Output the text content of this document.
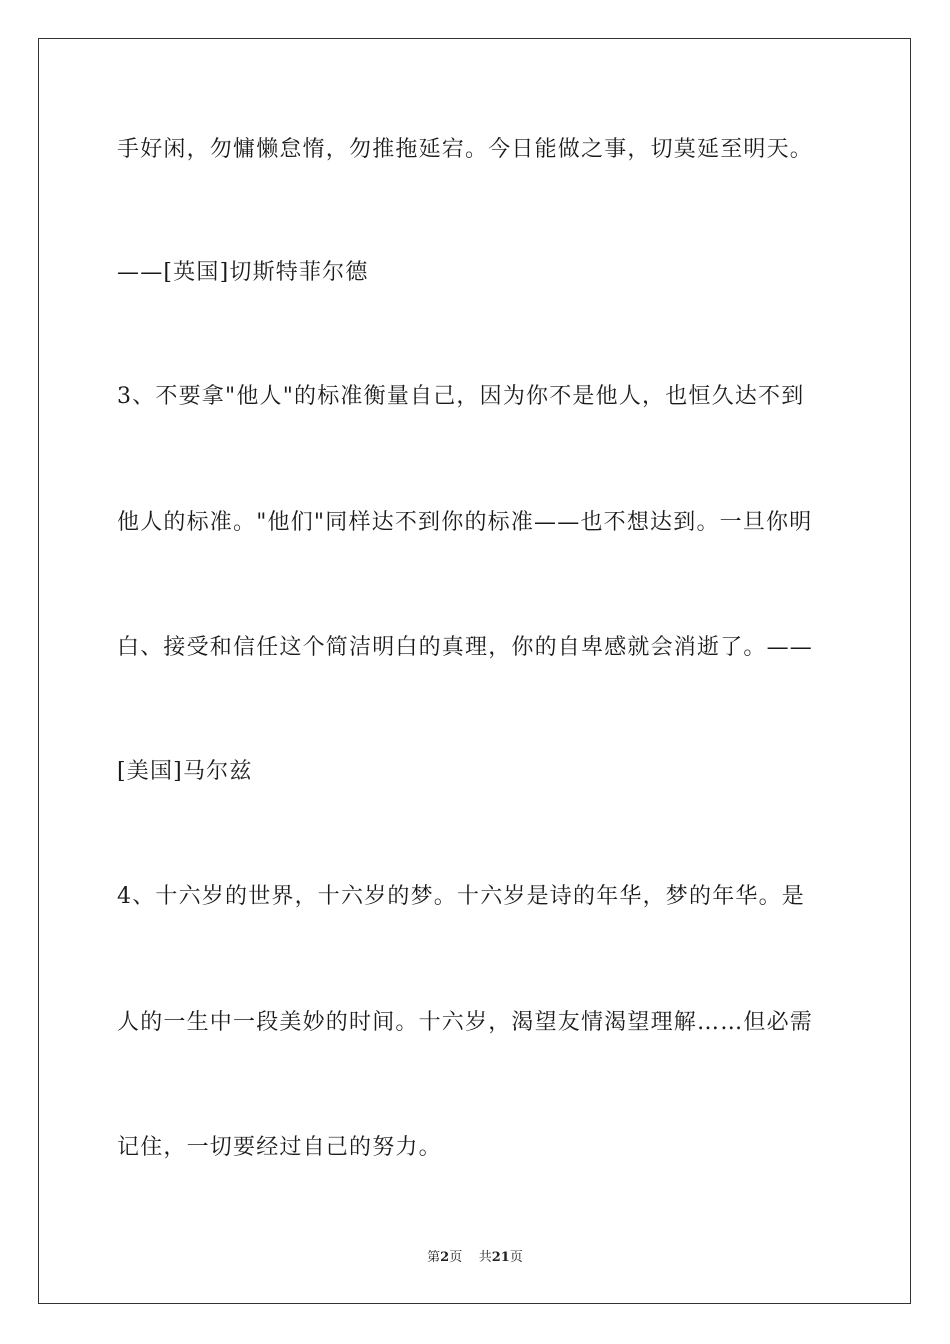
手好闲，勿慵懒怠惰，勿推拖延宕。今日能做之事，切莫延至明天。
——[英国]切斯特菲尔德
3、不要拿"他人"的标准衡量自己，因为你不是他人，也恒久达不到
他人的标准。"他们"同样达不到你的标准——也不想达到。一旦你明
白、接受和信任这个简洁明白的真理，你的自卑感就会消逝了。——
[美国]马尔兹
4、十六岁的世界，十六岁的梦。十六岁是诗的年华，梦的年华。是
人的一生中一段美妙的时间。十六岁，渴望友情渴望理解……但必需
记住，一切要经过自己的努力。
第2页 共21页
